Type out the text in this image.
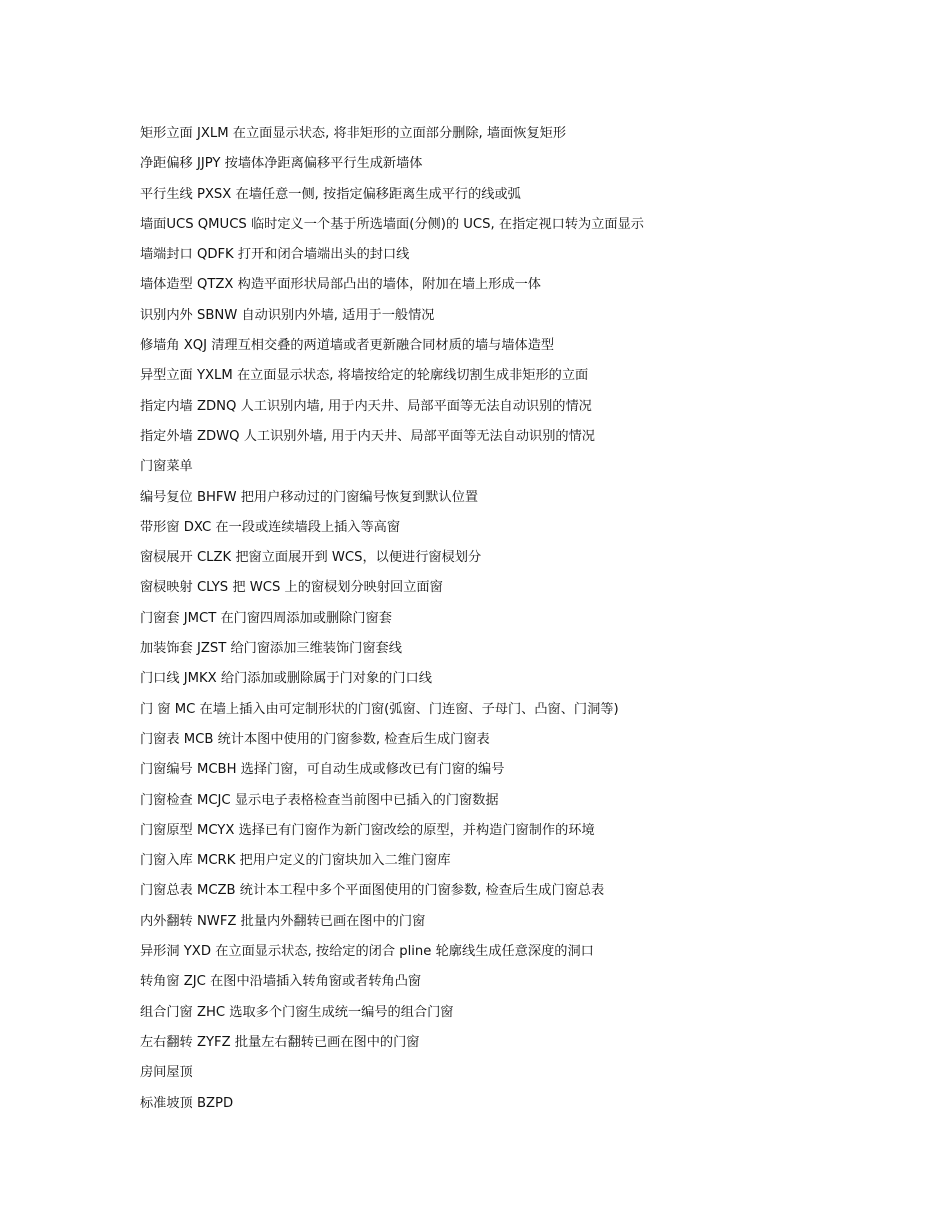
矩形立面 JXLM 在立面显示状态, 将非矩形的立面部分删除, 墙面恢复矩形
净距偏移 JJPY 按墙体净距离偏移平行生成新墙体
平行生线 PXSX 在墙任意一侧, 按指定偏移距离生成平行的线或弧
墙面UCS QMUCS 临时定义一个基于所选墙面(分侧)的 UCS, 在指定视口转为立面显示
墙端封口 QDFK 打开和闭合墙端出头的封口线
墙体造型 QTZX 构造平面形状局部凸出的墙体，附加在墙上形成一体
识别内外 SBNW 自动识别内外墙, 适用于一般情况
修墙角 XQJ 清理互相交叠的两道墙或者更新融合同材质的墙与墙体造型
异型立面 YXLM 在立面显示状态, 将墙按给定的轮廓线切割生成非矩形的立面
指定内墙 ZDNQ 人工识别内墙, 用于内天井、局部平面等无法自动识别的情况
指定外墙 ZDWQ 人工识别外墙, 用于内天井、局部平面等无法自动识别的情况
门窗菜单
编号复位 BHFW 把用户移动过的门窗编号恢复到默认位置
带形窗 DXC 在一段或连续墙段上插入等高窗
窗棂展开 CLZK 把窗立面展开到 WCS，以便进行窗棂划分
窗棂映射 CLYS 把 WCS 上的窗棂划分映射回立面窗
门窗套 JMCT 在门窗四周添加或删除门窗套
加装饰套 JZST 给门窗添加三维装饰门窗套线
门口线 JMKX 给门添加或删除属于门对象的门口线
门 窗 MC 在墙上插入由可定制形状的门窗(弧窗、门连窗、子母门、凸窗、门洞等)
门窗表 MCB 统计本图中使用的门窗参数, 检查后生成门窗表
门窗编号 MCBH 选择门窗，可自动生成或修改已有门窗的编号
门窗检查 MCJC 显示电子表格检查当前图中已插入的门窗数据
门窗原型 MCYX 选择已有门窗作为新门窗改绘的原型，并构造门窗制作的环境
门窗入库 MCRK 把用户定义的门窗块加入二维门窗库
门窗总表 MCZB 统计本工程中多个平面图使用的门窗参数, 检查后生成门窗总表
内外翻转 NWFZ 批量内外翻转已画在图中的门窗
异形洞 YXD 在立面显示状态, 按给定的闭合 pline 轮廓线生成任意深度的洞口
转角窗 ZJC 在图中沿墙插入转角窗或者转角凸窗
组合门窗 ZHC 选取多个门窗生成统一编号的组合门窗
左右翻转 ZYFZ 批量左右翻转已画在图中的门窗
房间屋顶
标准坡顶 BZPD
